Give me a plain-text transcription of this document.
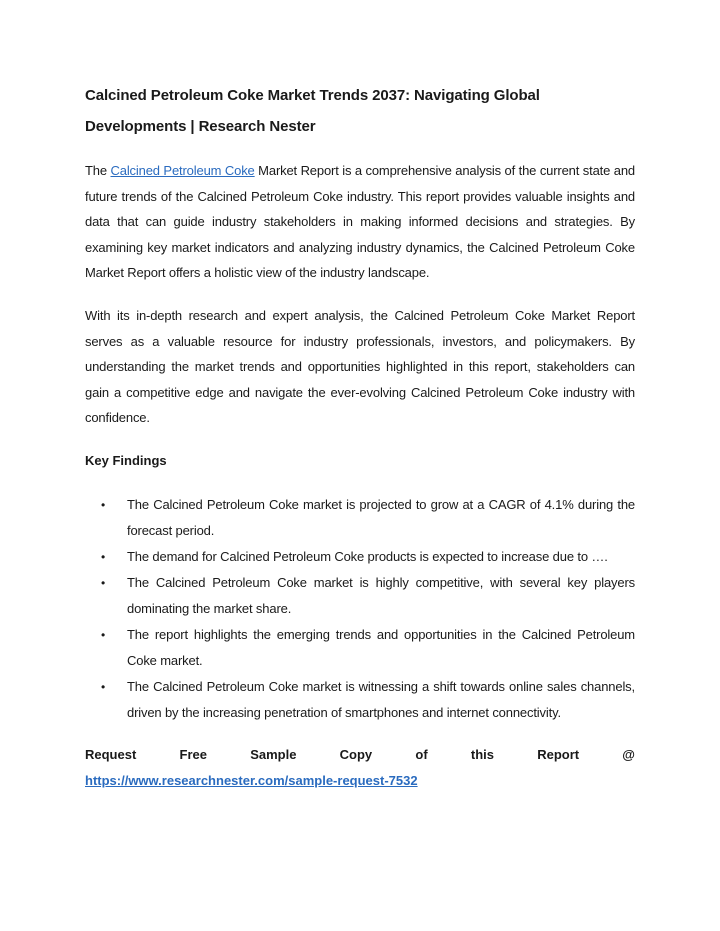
Calcined Petroleum Coke Market Trends 2037: Navigating Global Developments | Research Nester

The Calcined Petroleum Coke Market Report is a comprehensive analysis of the current state and future trends of the Calcined Petroleum Coke industry. This report provides valuable insights and data that can guide industry stakeholders in making informed decisions and strategies. By examining key market indicators and analyzing industry dynamics, the Calcined Petroleum Coke Market Report offers a holistic view of the industry landscape.

With its in-depth research and expert analysis, the Calcined Petroleum Coke Market Report serves as a valuable resource for industry professionals, investors, and policymakers. By understanding the market trends and opportunities highlighted in this report, stakeholders can gain a competitive edge and navigate the ever-evolving Calcined Petroleum Coke industry with confidence.

Key Findings
• The Calcined Petroleum Coke market is projected to grow at a CAGR of 4.1% during the forecast period.
• The demand for Calcined Petroleum Coke products is expected to increase due to ….
• The Calcined Petroleum Coke market is highly competitive, with several key players dominating the market share.
• The report highlights the emerging trends and opportunities in the Calcined Petroleum Coke market.
• The Calcined Petroleum Coke market is witnessing a shift towards online sales channels, driven by the increasing penetration of smartphones and internet connectivity.

Request Free Sample Copy of this Report @ https://www.researchnester.com/sample-request-7532
